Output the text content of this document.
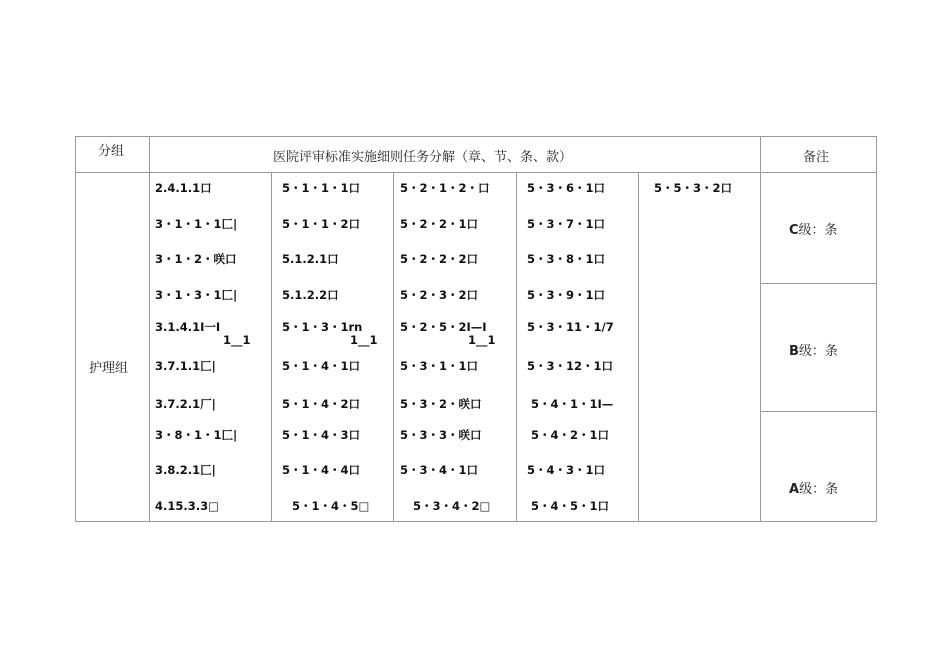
分组	医院评审标准实施细则任务分解（章、节、条、款）	备注
护理组
2.4.1.1口
3・1・1・1匚|
3・1・2・咲口
3・1・3・1匚|
3.1.4.1I一I
1__1
3.7.1.1匚|
3.7.2.1厂|
3・8・1・1匚|
3.8.2.1匚|
4.15.3.3□
5・1・1・1口
5・1・1・2口
5.1.2.1口
5.1.2.2口
5・1・3・1rn
1__1
5・1・4・1口
5・1・4・2口
5・1・4・3口
5・1・4・4口
5・1・4・5□
5・2・1・2・口
5・2・2・1口
5・2・2・2口
5・2・3・2口
5・2・5・2I—I
1__1
5・3・1・1口
5・3・2・咲口
5・3・3・咲口
5・3・4・1口
5・3・4・2□
5・3・6・1口
5・3・7・1口
5・3・8・1口
5・3・9・1口
5・3・11・1/7
5・3・12・1口
5・4・1・1I—
5・4・2・1口
5・4・3・1口
5・4・5・1口
5・5・3・2口
C级：条
B级：条
A级：条
